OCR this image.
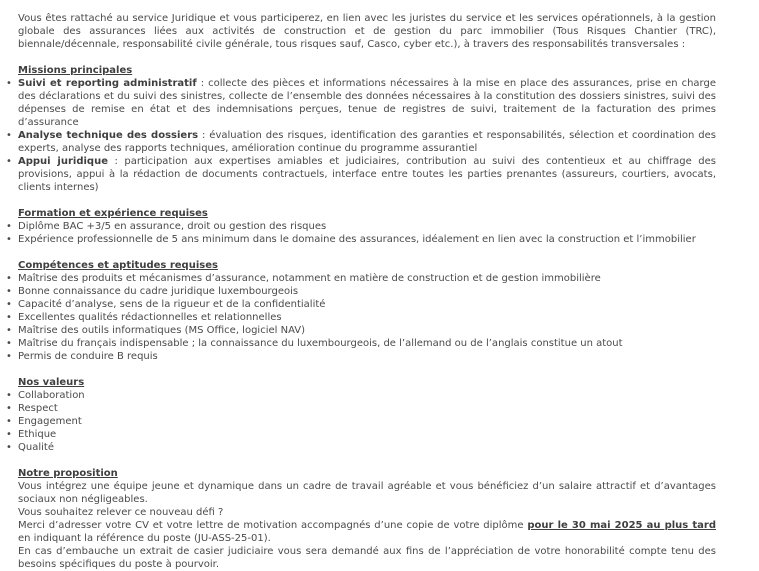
Vous êtes rattaché au service Juridique et vous participerez, en lien avec les juristes du service et les services opérationnels, à la gestion globale des assurances liées aux activités de construction et de gestion du parc immobilier (Tous Risques Chantier (TRC), biennale/décennale, responsabilité civile générale, tous risques sauf, Casco, cyber etc.), à travers des responsabilités transversales :

Missions principales

• Suivi et reporting administratif : collecte des pièces et informations nécessaires à la mise en place des assurances, prise en charge des déclarations et du suivi des sinistres, collecte de l’ensemble des données nécessaires à la constitution des dossiers sinistres, suivi des dépenses de remise en état et des indemnisations perçues, tenue de registres de suivi, traitement de la facturation des primes d’assurance
• Analyse technique des dossiers : évaluation des risques, identification des garanties et responsabilités, sélection et coordination des experts, analyse des rapports techniques, amélioration continue du programme assurantiel
• Appui juridique : participation aux expertises amiables et judiciaires, contribution au suivi des contentieux et au chiffrage des provisions, appui à la rédaction de documents contractuels, interface entre toutes les parties prenantes (assureurs, courtiers, avocats, clients internes)

Formation et expérience requises

• Diplôme BAC +3/5 en assurance, droit ou gestion des risques
• Expérience professionnelle de 5 ans minimum dans le domaine des assurances, idéalement en lien avec la construction et l’immobilier

Compétences et aptitudes requises

• Maîtrise des produits et mécanismes d’assurance, notamment en matière de construction et de gestion immobilière
• Bonne connaissance du cadre juridique luxembourgeois
• Capacité d’analyse, sens de la rigueur et de la confidentialité
• Excellentes qualités rédactionnelles et relationnelles
• Maîtrise des outils informatiques (MS Office, logiciel NAV)
• Maîtrise du français indispensable ; la connaissance du luxembourgeois, de l’allemand ou de l’anglais constitue un atout
• Permis de conduire B requis

Nos valeurs

• Collaboration
• Respect
• Engagement
• Ethique
• Qualité

Notre proposition

Vous intégrez une équipe jeune et dynamique dans un cadre de travail agréable et vous bénéficiez d’un salaire attractif et d’avantages sociaux non négligeables.

Vous souhaitez relever ce nouveau défi ?

Merci d’adresser votre CV et votre lettre de motivation accompagnés d’une copie de votre diplôme pour le 30 mai 2025 au plus tard en indiquant la référence du poste (JU-ASS-25-01).

En cas d’embauche un extrait de casier judiciaire vous sera demandé aux fins de l’appréciation de votre honorabilité compte tenu des besoins spécifiques du poste à pourvoir.
